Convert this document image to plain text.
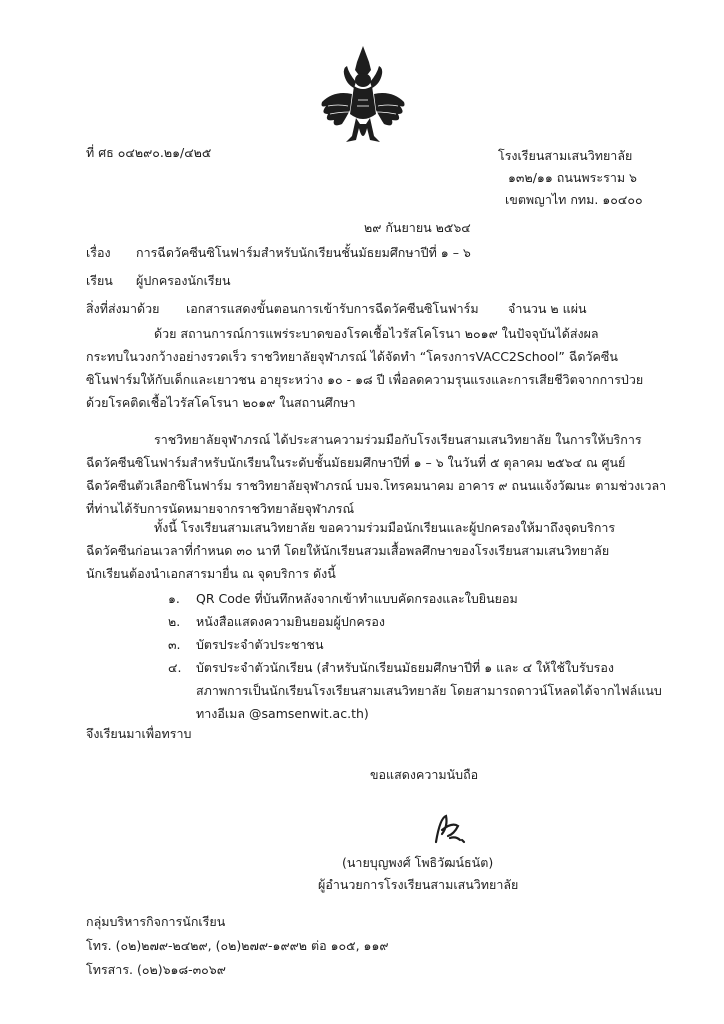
ที่ ศธ ๐๔๒๙๐.๒๑/๔๒๕	โรงเรียนสามเสนวิทยาลัย
๑๓๒/๑๑ ถนนพระราม ๖
เขตพญาไท กทม. ๑๐๔๐๐
๒๙ กันยายน ๒๕๖๔
เรื่อง การฉีดวัคซีนซิโนฟาร์มสำหรับนักเรียนชั้นมัธยมศึกษาปีที่ ๑ – ๖
เรียน ผู้ปกครองนักเรียน
สิ่งที่ส่งมาด้วย เอกสารแสดงขั้นตอนการเข้ารับการฉีดวัคซีนซิโนฟาร์ม จำนวน ๒ แผ่น
ด้วย สถานการณ์การแพร่ระบาดของโรคเชื้อไวรัสโคโรนา ๒๐๑๙ ในปัจจุบันได้ส่งผล
กระทบในวงกว้างอย่างรวดเร็ว ราชวิทยาลัยจุฬาภรณ์ ได้จัดทำ “โครงการVACC2School” ฉีดวัคซีน
ซิโนฟาร์มให้กับเด็กและเยาวชน อายุระหว่าง ๑๐ - ๑๘ ปี เพื่อลดความรุนแรงและการเสียชีวิตจากการป่วย
ด้วยโรคติดเชื้อไวรัสโคโรนา ๒๐๑๙ ในสถานศึกษา
ราชวิทยาลัยจุฬาภรณ์ ได้ประสานความร่วมมือกับโรงเรียนสามเสนวิทยาลัย ในการให้บริการ
ฉีดวัคซีนซิโนฟาร์มสำหรับนักเรียนในระดับชั้นมัธยมศึกษาปีที่ ๑ – ๖ ในวันที่ ๕ ตุลาคม ๒๕๖๔ ณ ศูนย์
ฉีดวัคซีนตัวเลือกซิโนฟาร์ม ราชวิทยาลัยจุฬาภรณ์ บมจ.โทรคมนาคม อาคาร ๙ ถนนแจ้งวัฒนะ ตามช่วงเวลา
ที่ท่านได้รับการนัดหมายจากราชวิทยาลัยจุฬาภรณ์
ทั้งนี้ โรงเรียนสามเสนวิทยาลัย ขอความร่วมมือนักเรียนและผู้ปกครองให้มาถึงจุดบริการ
ฉีดวัคซีนก่อนเวลาที่กำหนด ๓๐ นาที โดยให้นักเรียนสวมเสื้อพลศึกษาของโรงเรียนสามเสนวิทยาลัย
นักเรียนต้องนำเอกสารมายื่น ณ จุดบริการ ดังนี้
๑.	QR Code ที่บันทึกหลังจากเข้าทำแบบคัดกรองและใบยินยอม
๒.	หนังสือแสดงความยินยอมผู้ปกครอง
๓.	บัตรประจำตัวประชาชน
๔.	บัตรประจำตัวนักเรียน (สำหรับนักเรียนมัธยมศึกษาปีที่ ๑ และ ๔ ให้ใช้ใบรับรอง
สภาพการเป็นนักเรียนโรงเรียนสามเสนวิทยาลัย โดยสามารถดาวน์โหลดได้จากไฟล์แนบ
ทางอีเมล @samsenwit.ac.th)
จึงเรียนมาเพื่อทราบ
ขอแสดงความนับถือ
(นายบุญพงศ์ โพธิวัฒน์ธนัต)
ผู้อำนวยการโรงเรียนสามเสนวิทยาลัย
กลุ่มบริหารกิจการนักเรียน
โทร. (๐๒)๒๗๙-๒๔๒๙, (๐๒)๒๗๙-๑๙๙๒ ต่อ ๑๐๕, ๑๑๙
โทรสาร. (๐๒)๖๑๘-๓๐๖๙
